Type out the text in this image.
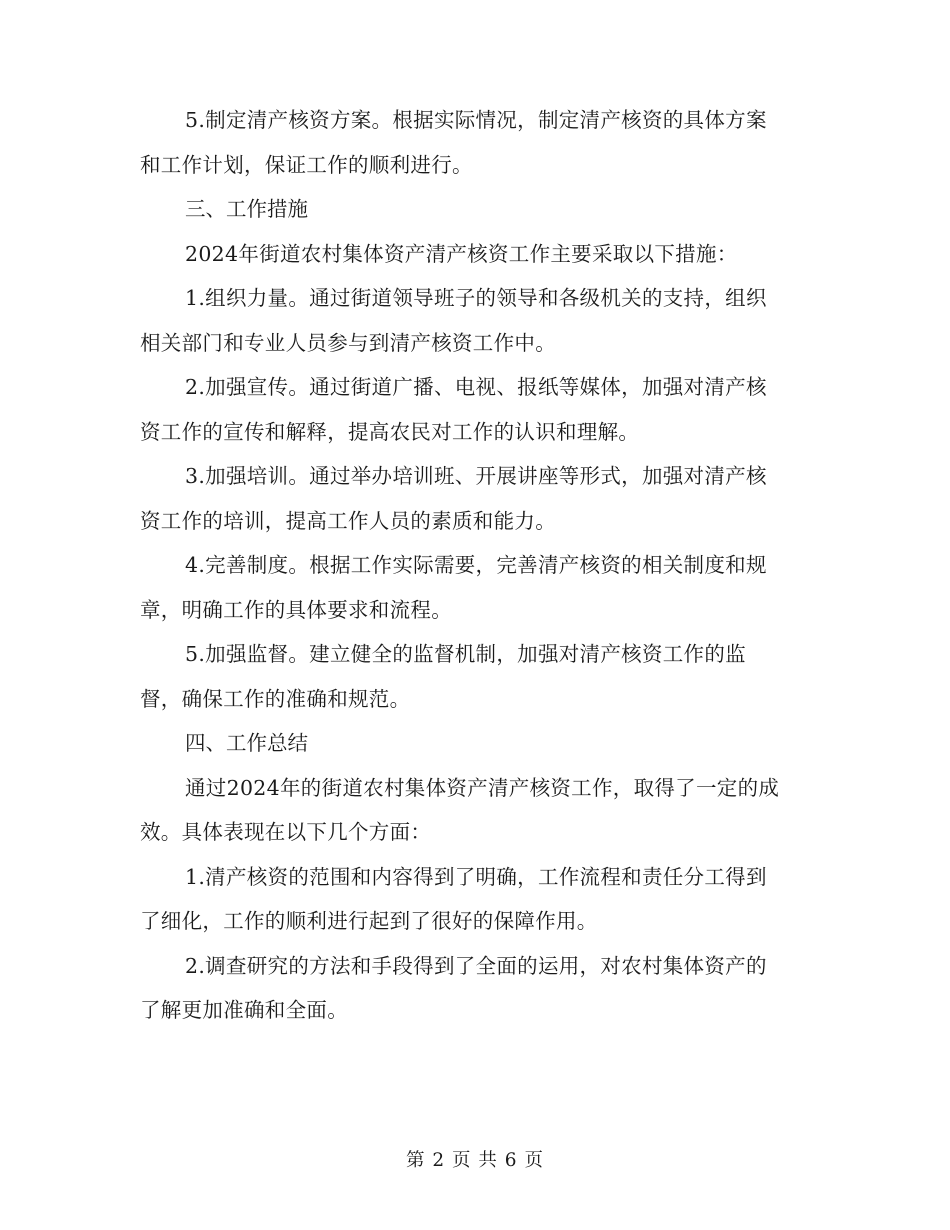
5.制定清产核资方案。根据实际情况，制定清产核资的具体方案
和工作计划，保证工作的顺利进行。

三、工作措施

2024年街道农村集体资产清产核资工作主要采取以下措施：

1.组织力量。通过街道领导班子的领导和各级机关的支持，组织
相关部门和专业人员参与到清产核资工作中。

2.加强宣传。通过街道广播、电视、报纸等媒体，加强对清产核
资工作的宣传和解释，提高农民对工作的认识和理解。

3.加强培训。通过举办培训班、开展讲座等形式，加强对清产核
资工作的培训，提高工作人员的素质和能力。

4.完善制度。根据工作实际需要，完善清产核资的相关制度和规
章，明确工作的具体要求和流程。

5.加强监督。建立健全的监督机制，加强对清产核资工作的监
督，确保工作的准确和规范。

四、工作总结

通过2024年的街道农村集体资产清产核资工作，取得了一定的成
效。具体表现在以下几个方面：

1.清产核资的范围和内容得到了明确，工作流程和责任分工得到
了细化，工作的顺利进行起到了很好的保障作用。

2.调查研究的方法和手段得到了全面的运用，对农村集体资产的
了解更加准确和全面。

第 2 页 共 6 页
